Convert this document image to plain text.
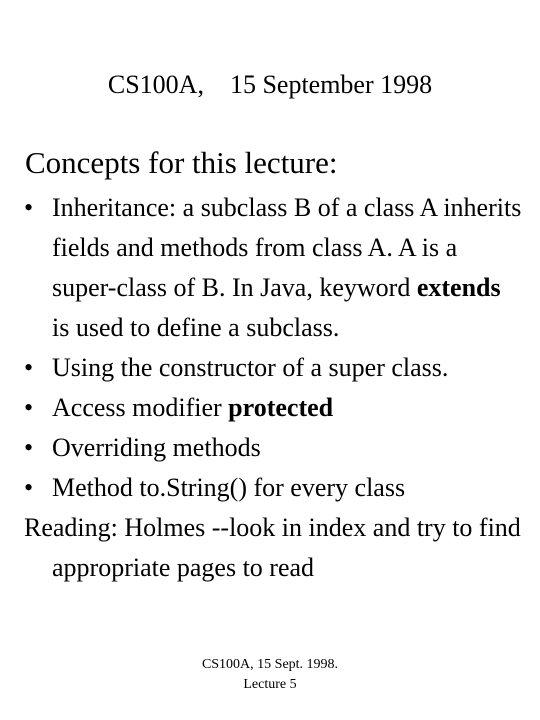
CS100A, 15 September 1998
Concepts for this lecture:
• Inheritance: a subclass B of a class A inherits fields and methods from class A. A is a super-class of B. In Java, keyword extends is used to define a subclass.
• Using the constructor of a super class.
• Access modifier protected
• Overriding methods
• Method to.String() for every class
Reading: Holmes --look in index and try to find appropriate pages to read
CS100A, 15 Sept. 1998.
Lecture 5
